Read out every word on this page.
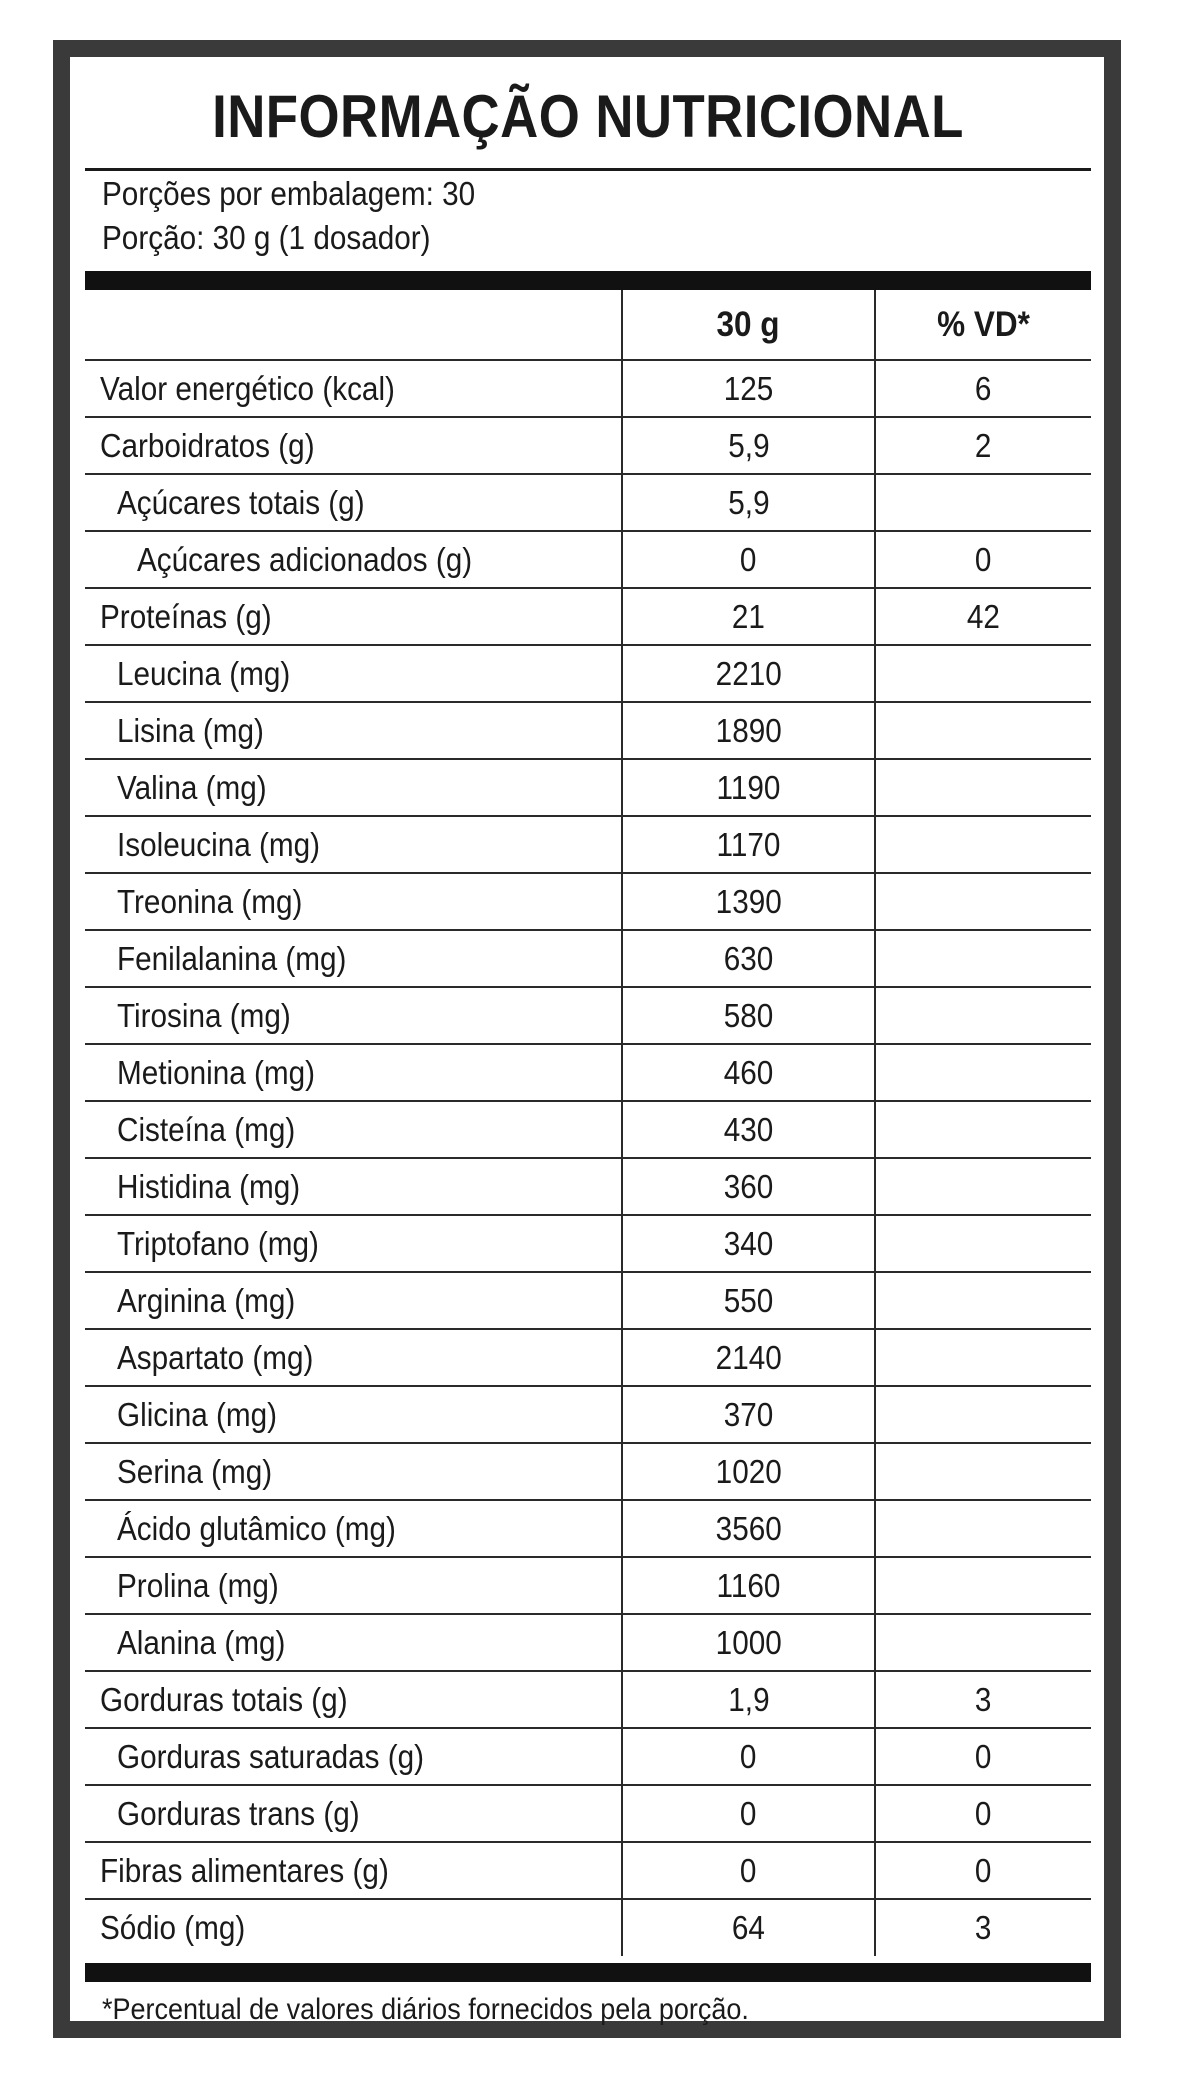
INFORMAÇÃO NUTRICIONAL
Porções por embalagem: 30
Porção: 30 g (1 dosador)
	30 g	% VD*
Valor energético (kcal)	125	6
Carboidratos (g)	5,9	2
Açúcares totais (g)	5,9	
Açúcares adicionados (g)	0	0
Proteínas (g)	21	42
Leucina (mg)	2210	
Lisina (mg)	1890	
Valina (mg)	1190	
Isoleucina (mg)	1170	
Treonina (mg)	1390	
Fenilalanina (mg)	630	
Tirosina (mg)	580	
Metionina (mg)	460	
Cisteína (mg)	430	
Histidina (mg)	360	
Triptofano (mg)	340	
Arginina (mg)	550	
Aspartato (mg)	2140	
Glicina (mg)	370	
Serina (mg)	1020	
Ácido glutâmico (mg)	3560	
Prolina (mg)	1160	
Alanina (mg)	1000	
Gorduras totais (g)	1,9	3
Gorduras saturadas (g)	0	0
Gorduras trans (g)	0	0
Fibras alimentares (g)	0	0
Sódio (mg)	64	3
*Percentual de valores diários fornecidos pela porção.
